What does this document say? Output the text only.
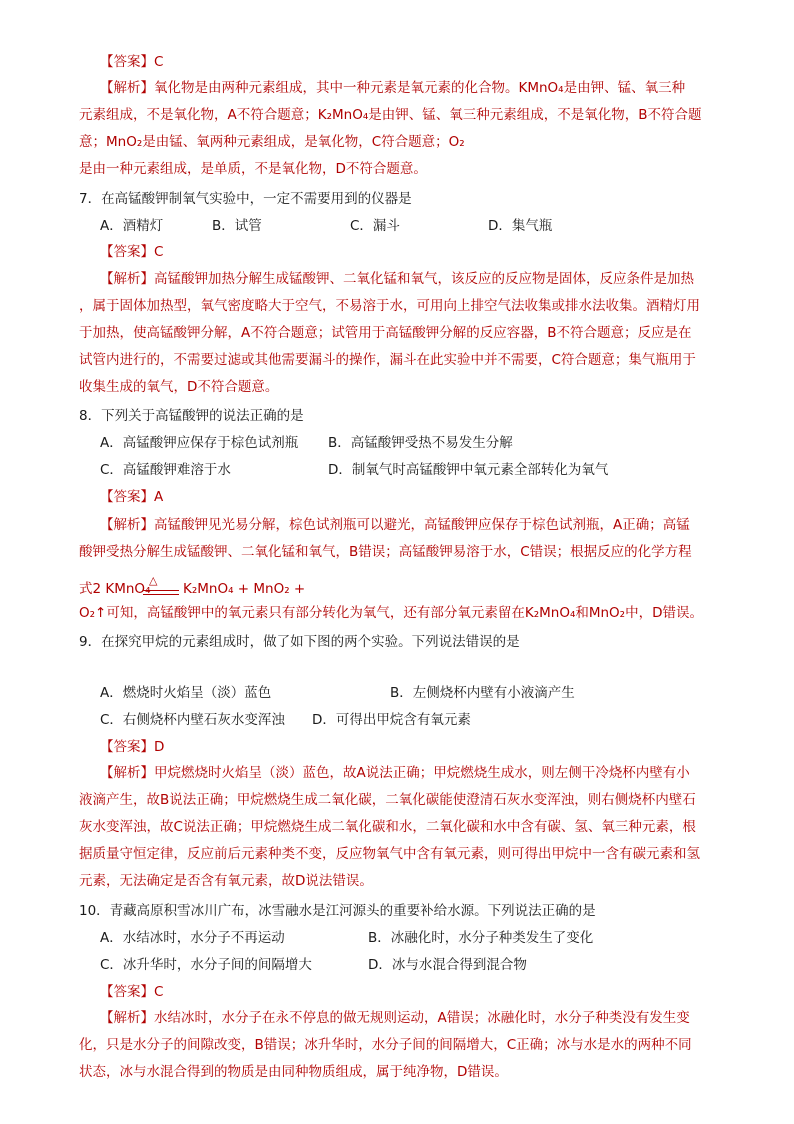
【答案】C
【解析】氧化物是由两种元素组成，其中一种元素是氧元素的化合物。KMnO₄是由钾、锰、氧三种
元素组成，不是氧化物，A不符合题意；K₂MnO₄是由钾、锰、氧三种元素组成，不是氧化物，B不符合题
意；MnO₂是由锰、氧两种元素组成，是氧化物，C符合题意；O₂
是由一种元素组成，是单质，不是氧化物，D不符合题意。
7．在高锰酸钾制氧气实验中，一定不需要用到的仪器是
A．酒精灯	B．试管	C．漏斗	D．集气瓶
【答案】C
【解析】高锰酸钾加热分解生成锰酸钾、二氧化锰和氧气，该反应的反应物是固体，反应条件是加热
，属于固体加热型，氧气密度略大于空气，不易溶于水，可用向上排空气法收集或排水法收集。酒精灯用
于加热，使高锰酸钾分解，A不符合题意；试管用于高锰酸钾分解的反应容器，B不符合题意；反应是在
试管内进行的，不需要过滤或其他需要漏斗的操作，漏斗在此实验中并不需要，C符合题意；集气瓶用于
收集生成的氧气，D不符合题意。
8．下列关于高锰酸钾的说法正确的是
A．高锰酸钾应保存于棕色试剂瓶 B．高锰酸钾受热不易发生分解
C．高锰酸钾难溶于水	D．制氧气时高锰酸钾中氧元素全部转化为氧气
【答案】A
【解析】高锰酸钾见光易分解，棕色试剂瓶可以避光，高锰酸钾应保存于棕色试剂瓶，A正确；高锰
酸钾受热分解生成锰酸钾、二氧化锰和氧气，B错误；高锰酸钾易溶于水，C错误；根据反应的化学方程
式2 KMnO₄
△
K₂MnO₄ + MnO₂ +
O₂↑可知，高锰酸钾中的氧元素只有部分转化为氧气，还有部分氧元素留在K₂MnO₄和MnO₂中，D错误。
9．在探究甲烷的元素组成时，做了如下图的两个实验。下列说法错误的是
A．燃烧时火焰呈（淡）蓝色	B．左侧烧杯内壁有小液滴产生
C．右侧烧杯内壁石灰水变浑浊 D．可得出甲烷含有氧元素
【答案】D
【解析】甲烷燃烧时火焰呈（淡）蓝色，故A说法正确；甲烷燃烧生成水，则左侧干冷烧杯内壁有小
液滴产生，故B说法正确；甲烷燃烧生成二氧化碳，二氧化碳能使澄清石灰水变浑浊，则右侧烧杯内壁石
灰水变浑浊，故C说法正确；甲烷燃烧生成二氧化碳和水，二氧化碳和水中含有碳、氢、氧三种元素，根
据质量守恒定律，反应前后元素种类不变，反应物氧气中含有氧元素，则可得出甲烷中一含有碳元素和氢
元素，无法确定是否含有氧元素，故D说法错误。
10．青藏高原积雪冰川广布，冰雪融水是江河源头的重要补给水源。下列说法正确的是
A．水结冰时，水分子不再运动	B．冰融化时，水分子种类发生了变化
C．冰升华时，水分子间的间隔增大	D．冰与水混合得到混合物
【答案】C
【解析】水结冰时，水分子在永不停息的做无规则运动，A错误；冰融化时，水分子种类没有发生变
化，只是水分子的间隙改变，B错误；冰升华时，水分子间的间隔增大，C正确；冰与水是水的两种不同
状态，冰与水混合得到的物质是由同种物质组成，属于纯净物，D错误。
